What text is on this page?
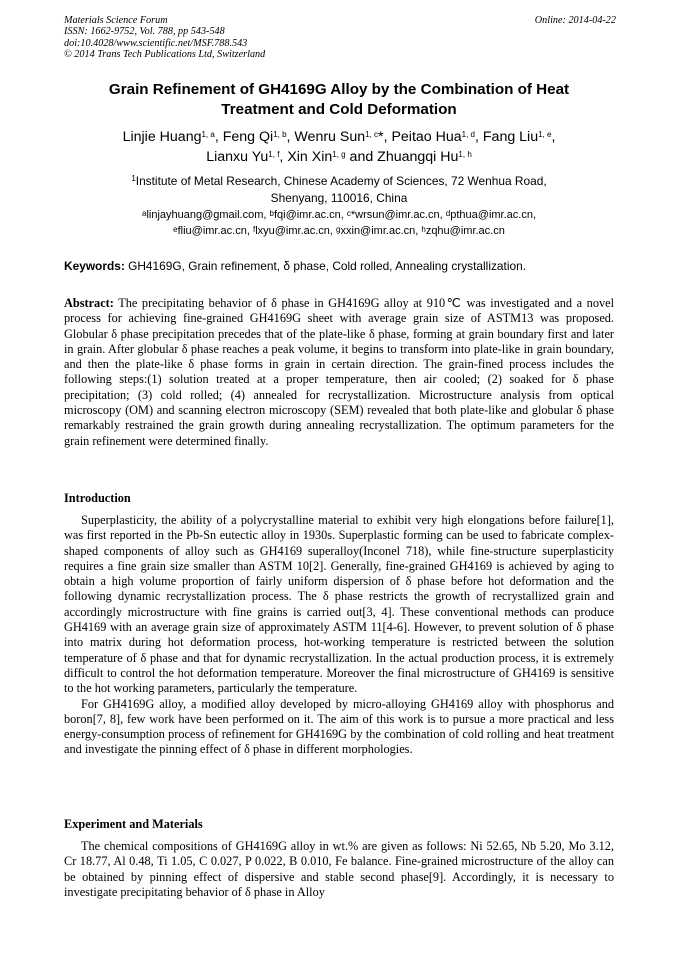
Materials Science Forum	Online: 2014-04-22
ISSN: 1662-9752, Vol. 788, pp 543-548
doi:10.4028/www.scientific.net/MSF.788.543
© 2014 Trans Tech Publications Ltd, Switzerland
Grain Refinement of GH4169G Alloy by the Combination of Heat
Treatment and Cold Deformation
Linjie Huang$^{1, a}$, Feng Qi$^{1, b}$, Wenru Sun$^{1, c}$*, Peitao Hua$^{1, d}$, Fang Liu$^{1, e}$,
Lianxu Yu$^{1, f}$, Xin Xin$^{1, g}$ and Zhuangqi Hu$^{1, h}$
$^1$Institute of Metal Research, Chinese Academy of Sciences, 72 Wenhua Road,
Shenyang, 110016, China
$^a$linjayhuang@gmail.com, $^b$fqi@imr.ac.cn, $^c$*wrsun@imr.ac.cn, $^d$pthua@imr.ac.cn,
$^e$fliu@imr.ac.cn, $^f$lxyu@imr.ac.cn, $^g$xxin@imr.ac.cn, $^h$zqhu@imr.ac.cn
Keywords: GH4169G, Grain refinement, δ phase, Cold rolled, Annealing crystallization.

Abstract: The precipitating behavior of δ phase in GH4169G alloy at 910℃ was investigated and a novel process for achieving fine-grained GH4169G sheet with average grain size of ASTM13 was proposed. Globular δ phase precipitation precedes that of the plate-like δ phase, forming at grain boundary first and later in grain. After globular δ phase reaches a peak volume, it begins to transform into plate-like in grain boundary, and then the plate-like δ phase forms in grain in certain direction. The grain-fined process includes the following steps:(1) solution treated at a proper temperature, then air cooled; (2) soaked for δ phase precipitation; (3) cold rolled; (4) annealed for recrystallization. Microstructure analysis from optical microscopy (OM) and scanning electron microscopy (SEM) revealed that both plate-like and globular δ phase remarkably restrained the grain growth during annealing recrystallization. The optimum parameters for the grain refinement were determined finally.

Introduction

Superplasticity, the ability of a polycrystalline material to exhibit very high elongations before failure[1], was first reported in the Pb-Sn eutectic alloy in 1930s. Superplastic forming can be used to fabricate complex-shaped components of alloy such as GH4169 superalloy(Inconel 718), while fine-structure superplasticity requires a fine grain size smaller than ASTM 10[2]. Generally, fine-grained GH4169 is achieved by aging to obtain a high volume proportion of fairly uniform dispersion of δ phase before hot deformation and the following dynamic recrystallization process. The δ phase restricts the growth of recrystallized grain and accordingly microstructure with fine grains is carried out[3, 4]. These conventional methods can produce GH4169 with an average grain size of approximately ASTM 11[4-6]. However, to prevent solution of δ phase into matrix during hot deformation process, hot-working temperature is restricted between the solution temperature of δ phase and that for dynamic recrystallization. In the actual production process, it is extremely difficult to control the hot deformation temperature. Moreover the final microstructure of GH4169 is sensitive to the hot working parameters, particularly the temperature.

For GH4169G alloy, a modified alloy developed by micro-alloying GH4169 alloy with phosphorus and boron[7, 8], few work have been performed on it. The aim of this work is to pursue a more practical and less energy-consumption process of refinement for GH4169G by the combination of cold rolling and heat treatment and investigate the pinning effect of δ phase in different morphologies.

Experiment and Materials

The chemical compositions of GH4169G alloy in wt.% are given as follows: Ni 52.65, Nb 5.20, Mo 3.12, Cr 18.77, Al 0.48, Ti 1.05, C 0.027, P 0.022, B 0.010, Fe balance. Fine-grained microstructure of the alloy can be obtained by pinning effect of dispersive and stable second phase[9]. Accordingly, it is necessary to investigate precipitating behavior of δ phase in Alloy
